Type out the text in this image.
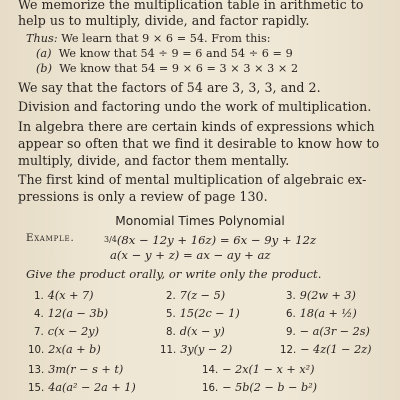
We memorize the multiplication table in arithmetic to

help us to multiply, divide, and factor rapidly.

Thus: We learn that 9 × 6 = 54. From this:

(a) We know that 54 ÷ 9 = 6 and 54 ÷ 6 = 9

(b) We know that 54 = 9 × 6 = 3 × 3 × 3 × 2

We say that the factors of 54 are 3, 3, 3, and 2.

Division and factoring undo the work of multiplication.

In algebra there are certain kinds of expressions which

appear so often that we find it desirable to know how to

multiply, divide, and factor them mentally.

The first kind of mental multiplication of algebraic ex-

pressions is only a review of page 130.

Monomial Times Polynomial
Example.	3/4(8x − 12y + 16z) = 6x − 9y + 12z
a(x − y + z) = ax − ay + az

Give the product orally, or write only the product.

1. 4(x + 7)	2. 7(z − 5)	3. 9(2w + 3)
4. 12(a − 3b)	5. 15(2c − 1)	6. 18(a + ½)
7. c(x − 2y)	8. d(x − y)	9. − a(3r − 2s)
10. 2x(a + b)	11. 3y(y − 2)	12. − 4z(1 − 2z)
13. 3m(r − s + t)	14. − 2x(1 − x + x²)
15. 4a(a² − 2a + 1)	16. − 5b(2 − b − b²)
